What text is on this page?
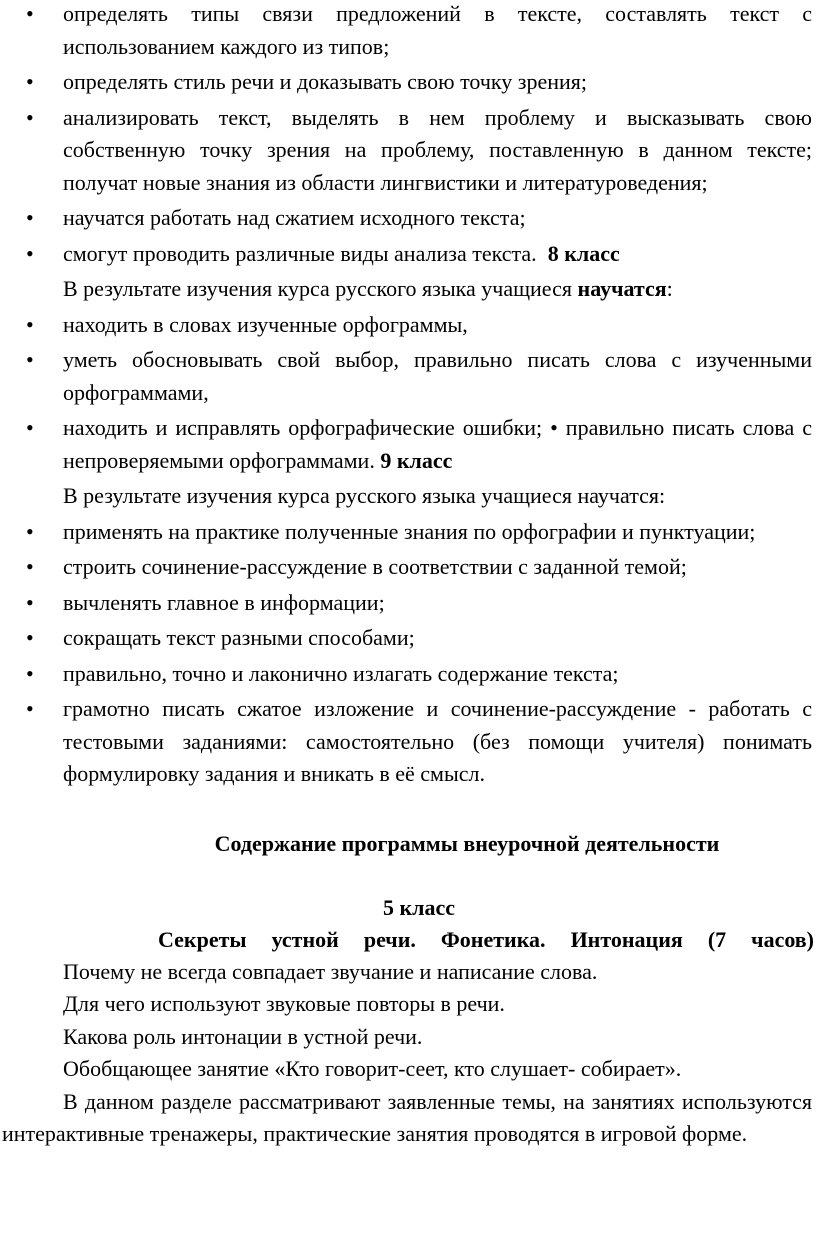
• определять типы связи предложений в тексте, составлять текст с использованием каждого из типов;
• определять стиль речи и доказывать свою точку зрения;
• анализировать текст, выделять в нем проблему и высказывать свою собственную точку зрения на проблему, поставленную в данном тексте; получат новые знания из области лингвистики и литературоведения;
• научатся работать над сжатием исходного текста;
• смогут проводить различные виды анализа текста. 8 класс
В результате изучения курса русского языка учащиеся научатся:
• находить в словах изученные орфограммы,
• уметь обосновывать свой выбор, правильно писать слова с изученными орфограммами,
• находить и исправлять орфографические ошибки; • правильно писать слова с непроверяемыми орфограммами. 9 класс
В результате изучения курса русского языка учащиеся научатся:
• применять на практике полученные знания по орфографии и пунктуации;
• строить сочинение-рассуждение в соответствии с заданной темой;
• вычленять главное в информации;
• сокращать текст разными способами;
• правильно, точно и лаконично излагать содержание текста;
• грамотно писать сжатое изложение и сочинение-рассуждение - работать с тестовыми заданиями: самостоятельно (без помощи учителя) понимать формулировку задания и вникать в её смысл.
Содержание программы внеурочной деятельности
5 класс
Секреты устной речи. Фонетика. Интонация (7 часов)
Почему не всегда совпадает звучание и написание слова.
Для чего используют звуковые повторы в речи.
Какова роль интонации в устной речи.
Обобщающее занятие «Кто говорит-сеет, кто слушает- собирает».
В данном разделе рассматривают заявленные темы, на занятиях используются интерактивные тренажеры, практические занятия проводятся в игровой форме.
